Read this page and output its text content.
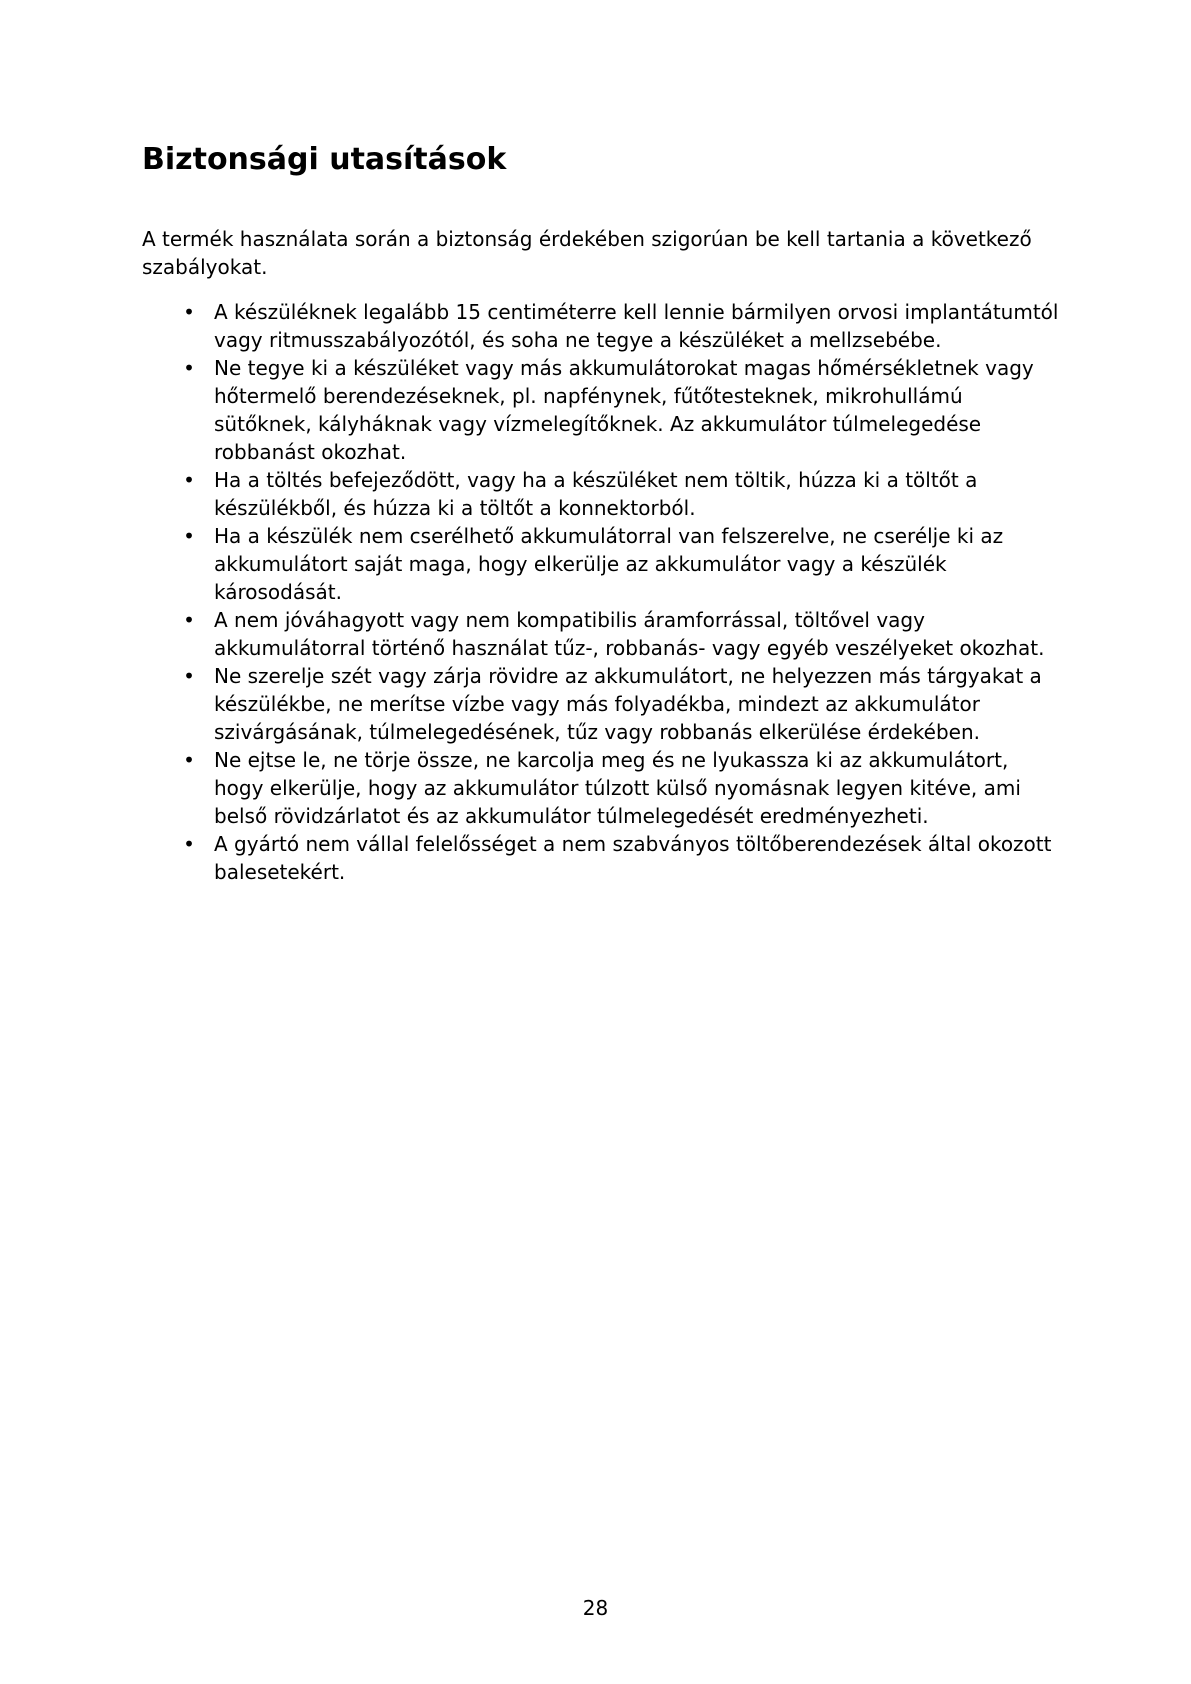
Biztonsági utasítások

A termék használata során a biztonság érdekében szigorúan be kell tartania a következő szabályokat.

• A készüléknek legalább 15 centiméterre kell lennie bármilyen orvosi implantátumtól vagy ritmusszabályozótól, és soha ne tegye a készüléket a mellzsebébe.
• Ne tegye ki a készüléket vagy más akkumulátorokat magas hőmérsékletnek vagy hőtermelő berendezéseknek, pl. napfénynek, fűtőtesteknek, mikrohullámú sütőknek, kályháknak vagy vízmelegítőknek. Az akkumulátor túlmelegedése robbanást okozhat.
• Ha a töltés befejeződött, vagy ha a készüléket nem töltik, húzza ki a töltőt a készülékből, és húzza ki a töltőt a konnektorból.
• Ha a készülék nem cserélhető akkumulátorral van felszerelve, ne cserélje ki az akkumulátort saját maga, hogy elkerülje az akkumulátor vagy a készülék károsodását.
• A nem jóváhagyott vagy nem kompatibilis áramforrással, töltővel vagy akkumulátorral történő használat tűz-, robbanás- vagy egyéb veszélyeket okozhat.
• Ne szerelje szét vagy zárja rövidre az akkumulátort, ne helyezzen más tárgyakat a készülékbe, ne merítse vízbe vagy más folyadékba, mindezt az akkumulátor szivárgásának, túlmelegedésének, tűz vagy robbanás elkerülése érdekében.
• Ne ejtse le, ne törje össze, ne karcolja meg és ne lyukassza ki az akkumulátort, hogy elkerülje, hogy az akkumulátor túlzott külső nyomásnak legyen kitéve, ami belső rövidzárlatot és az akkumulátor túlmelegedését eredményezheti.
• A gyártó nem vállal felelősséget a nem szabványos töltőberendezések által okozott balesetekért.
28
